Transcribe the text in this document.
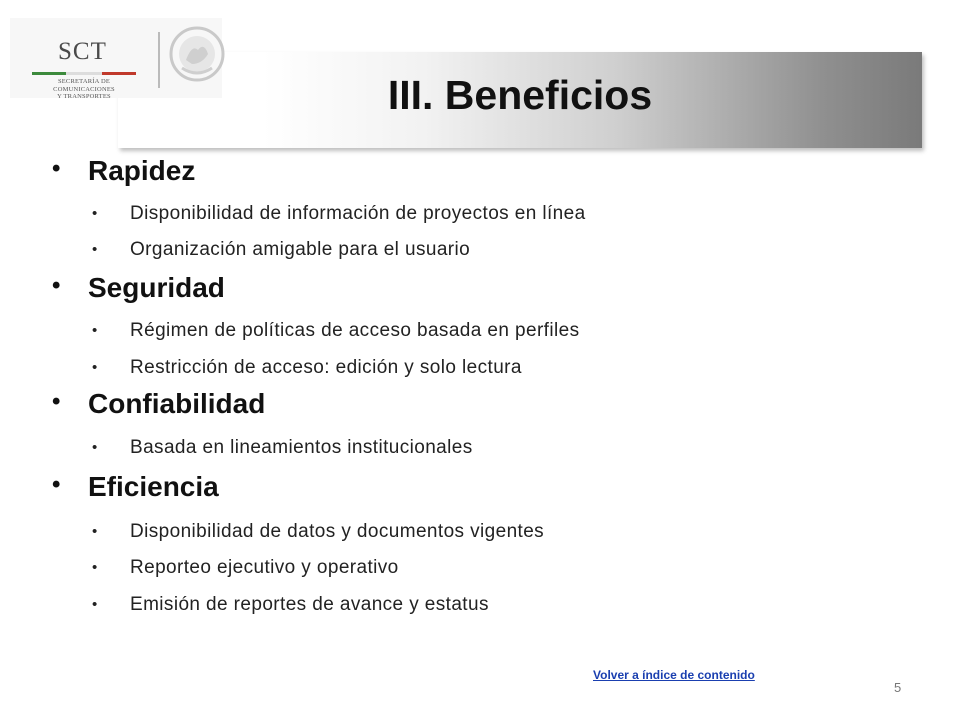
SCT
SECRETARÍA DE
COMUNICACIONES
Y TRANSPORTES	III. Beneficios
• Rapidez
• Disponibilidad de información de proyectos en línea
• Organización amigable para el usuario
• Seguridad
• Régimen de políticas de acceso basada en perfiles
• Restricción de acceso: edición y solo lectura
• Confiabilidad
• Basada en lineamientos institucionales
• Eficiencia
• Disponibilidad de datos y documentos vigentes
• Reporteo ejecutivo y operativo
• Emisión de reportes de avance y estatus
Volver a índice de contenido
5
